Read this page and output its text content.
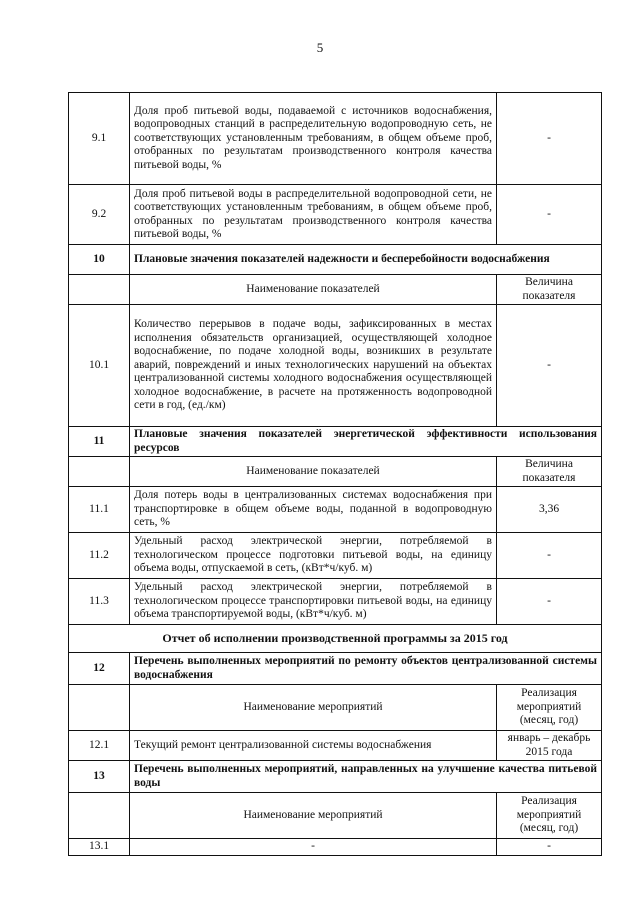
5
9.1	Доля проб питьевой воды, подаваемой с источников водоснабжения, водопроводных станций в распределительную водопроводную сеть, не соответствующих установленным требованиям, в общем объеме проб, отобранных по результатам производственного контроля качества питьевой воды, %	-
9.2	Доля проб питьевой воды в распределительной водопроводной сети, не соответствующих установленным требованиям, в общем объеме проб, отобранных по результатам производственного контроля качества питьевой воды, %	-
10	Плановые значения показателей надежности и бесперебойности водоснабжения	
	Наименование показателей	Величина показателя
10.1	Количество перерывов в подаче воды, зафиксированных в местах исполнения обязательств организацией, осуществляющей холодное водоснабжение, по подаче холодной воды, возникших в результате аварий, повреждений и иных технологических нарушений на объектах централизованной системы холодного водоснабжения осуществляющей холодное водоснабжение, в расчете на протяженность водопроводной сети в год, (ед./км)	-
11	Плановые значения показателей энергетической эффективности использования ресурсов	
	Наименование показателей	Величина показателя
11.1	Доля потерь воды в централизованных системах водоснабжения при транспортировке в общем объеме воды, поданной в водопроводную сеть, %	3,36
11.2	Удельный расход электрической энергии, потребляемой в технологическом процессе подготовки питьевой воды, на единицу объема воды, отпускаемой в сеть, (кВт*ч/куб. м)	-
11.3	Удельный расход электрической энергии, потребляемой в технологическом процессе транспортировки питьевой воды, на единицу объема транспортируемой воды, (кВт*ч/куб. м)	-
Отчет об исполнении производственной программы за 2015 год		
12	Перечень выполненных мероприятий по ремонту объектов централизованной системы водоснабжения	
	Наименование мероприятий	Реализация мероприятий (месяц, год)
12.1	Текущий ремонт централизованной системы водоснабжения	январь – декабрь 2015 года
13	Перечень выполненных мероприятий, направленных на улучшение качества питьевой воды	
	Наименование мероприятий	Реализация мероприятий (месяц, год)
13.1	-	-
